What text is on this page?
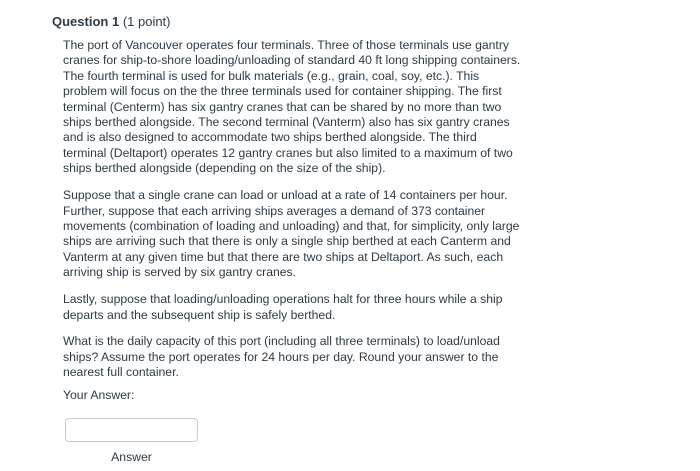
Question 1 (1 point)

The port of Vancouver operates four terminals. Three of those terminals use gantry cranes for ship-to-shore loading/unloading of standard 40 ft long shipping containers. The fourth terminal is used for bulk materials (e.g., grain, coal, soy, etc.). This problem will focus on the the three terminals used for container shipping. The first terminal (Centerm) has six gantry cranes that can be shared by no more than two ships berthed alongside. The second terminal (Vanterm) also has six gantry cranes and is also designed to accommodate two ships berthed alongside. The third terminal (Deltaport) operates 12 gantry cranes but also limited to a maximum of two ships berthed alongside (depending on the size of the ship).

Suppose that a single crane can load or unload at a rate of 14 containers per hour. Further, suppose that each arriving ships averages a demand of 373 container movements (combination of loading and unloading) and that, for simplicity, only large ships are arriving such that there is only a single ship berthed at each Canterm and Vanterm at any given time but that there are two ships at Deltaport. As such, each arriving ship is served by six gantry cranes.

Lastly, suppose that loading/unloading operations halt for three hours while a ship departs and the subsequent ship is safely berthed.

What is the daily capacity of this port (including all three terminals) to load/unload ships? Assume the port operates for 24 hours per day. Round your answer to the nearest full container.

Your Answer:
Answer
